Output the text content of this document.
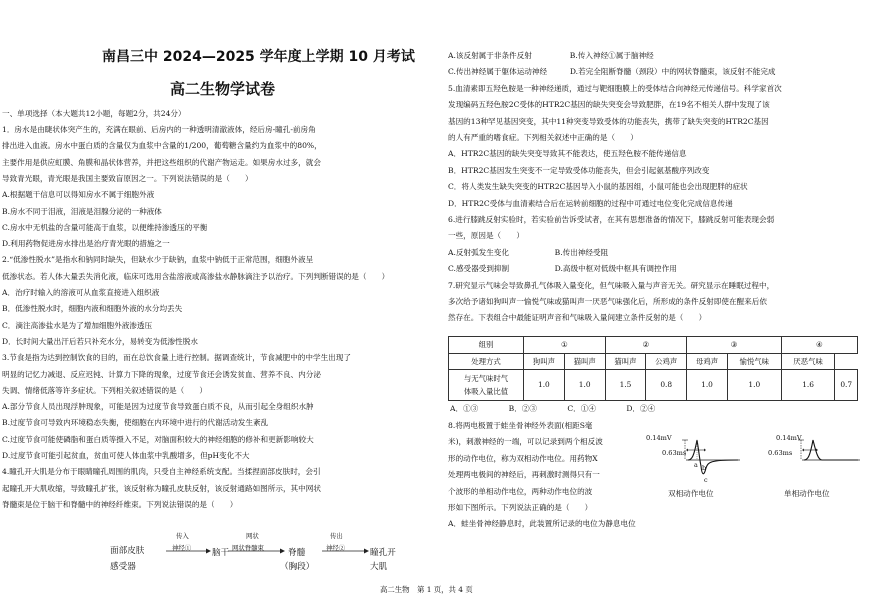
南昌三中 2024—2025 学年度上学期 10 月考试
高二生物学试卷
一、单项选择（本大题共12小题，每题2分，共24分）
1．房水是由睫状体突产生的，充满在眼前、后房内的一种透明清澈液体，经后房-瞳孔-前房角
排出进入血液。房水中蛋白质的含量仅为血浆中含量的1/200，葡萄糖含量约为血浆中的80%，
主要作用是供应虹膜、角膜和晶状体营养，并把这些组织的代谢产物运走。如果房水过多，就会
导致青光眼，青光眼是我国主要致盲原因之一。下列说法错误的是（　　）
A.根据题干信息可以得知房水不属于细胞外液
B.房水不同于泪液，泪液是泪腺分泌的一种液体
C.房水中无机盐的含量可能高于血浆，以便维持渗透压的平衡
D.利用药物促进房水排出是治疗青光眼的措施之一
2.“低渗性脱水”是指水和钠同时缺失，但缺水少于缺钠，血浆中钠低于正常范围，细胞外液呈
低渗状态。若人体大量丢失消化液，临床可选用含盐溶液或高渗盐水静脉滴注予以治疗。下列判断错误的是（　　）
A．治疗时输入的溶液可从血浆直接进入组织液
B．低渗性脱水时，细胞内液和细胞外液的水分均丢失
C．滴注高渗盐水是为了增加细胞外液渗透压
D．长时间大量出汗后若只补充水分，易转变为低渗性脱水
3.节食是指为达到控制饮食的目的，而在总饮食量上进行控制。据调查统计，节食减肥中的中学生出现了
明显的记忆力减退、反应迟钝、计算力下降的现象，过度节食还会诱发贫血、营养不良、内分泌
失调、情绪低落等许多症状。下列相关叙述错误的是（　　）
A.部分节食人员出现浮肿现象，可能是因为过度节食导致蛋白质不良，从而引起全身组织水肿
B.过度节食可导致内环境稳态失衡，使细胞在内环境中进行的代谢活动发生紊乱
C.过度节食可能使磷脂和蛋白质等摄入不足，对脑面积较大的神经细胞的修补和更新影响较大
D.过度节食可能引起贫血，贫血可使人体血浆中乳酸增多，但pH变化不大
4.瞳孔开大肌是分布于眼睛瞳孔周围的肌肉，只受自主神经系统支配。当揉捏面部皮肤时，会引
起瞳孔开大肌收缩，导致瞳孔扩张，该反射称为瞳孔皮肤反射，该反射通路如图所示，其中网状
脊髓束是位于脑干和脊髓中的神经纤维束。下列说法错误的是（　　）
面部皮肤
感受器
传入	网状	传出
神经①	网状脊髓束	神经②
脑干	脊髓
（胸段）
瞳孔开
大肌
A.该反射属于非条件反射　　　　　B.传入神经①属于脑神经
C.传出神经属于躯体运动神经　　　D.若完全阻断脊髓（颈段）中的网状脊髓束，该反射不能完成
5.血清素即五羟色胺是一种神经递质，通过与靶细胞膜上的受体结合向神经元传递信号。科学家首次
发现编码五羟色胺2C受体的HTR2C基因的缺失突变会导致肥胖，在19名不相关人群中发现了该
基因的13种罕见基因突变，其中11种突变导致受体的功能丧失，携带了缺失突变的HTR2C基因
的人有严重的嗜食症。下列相关叙述中正确的是（　　）
A．HTR2C基因的缺失突变导致其不能表达，使五羟色胺不能传递信息
B．HTR2C基因发生突变不一定导致受体功能丧失，但会引起氨基酸序列改变
C．将人类发生缺失突变的HTR2C基因导入小鼠的基因组，小鼠可能也会出现肥胖的症状
D．HTR2C受体与血清素结合后在运转前细胞的过程中可通过电位变化完成信息传递
6.进行膝跳反射实验时，若实验前告诉受试者，在其有思想准备的情况下，膝跳反射可能表现会弱
一些，原因是（　　）
A.反射弧发生变化　　　　　　B.传出神经受阻
C.感受器受到抑制　　　　　　D.高级中枢对低级中枢具有调控作用
7.研究显示气味会导致鼻孔气体吸入量变化，但气味吸入量与声音无关。研究显示在睡眠过程中，
多次给予诸如狗叫声一愉悦气味或猫叫声一厌恶气味强化后，所形成的条件反射即使在醒来后依
然存在。下表组合中最能证明声音和气味吸入量间建立条件反射的是（　　）
组别	①		②		③		④	
处理方式	狗叫声	猫叫声	猫叫声	公鸡声	母鸡声	愉悦气味	厌恶气味	
与无气味时气
体吸入量比值	1.0	1.0	1.5	0.8	1.0	1.0	1.6	0.7
A．①③　　　　B．②③　　　　C．①④　　　　D．②④
8.将两电极置于蛙坐骨神经外表面(相距S毫
米)，刺激神经的一端，可以记录到两个相反波
形的动作电位，称为双相动作电位。用药物X
处理两电极间的神经后，再刺激时测得只有一
个波形的单相动作电位，两种动作电位的波
形如下图所示。下列说法正确的是（　　）
A．蛙坐骨神经静息时，此装置所记录的电位为静息电位
0.14mV
0.63ms
a b
c
双相动作电位
0.14mV
0.63ms
单相动作电位
高二生物　第 1 页，共 4 页
